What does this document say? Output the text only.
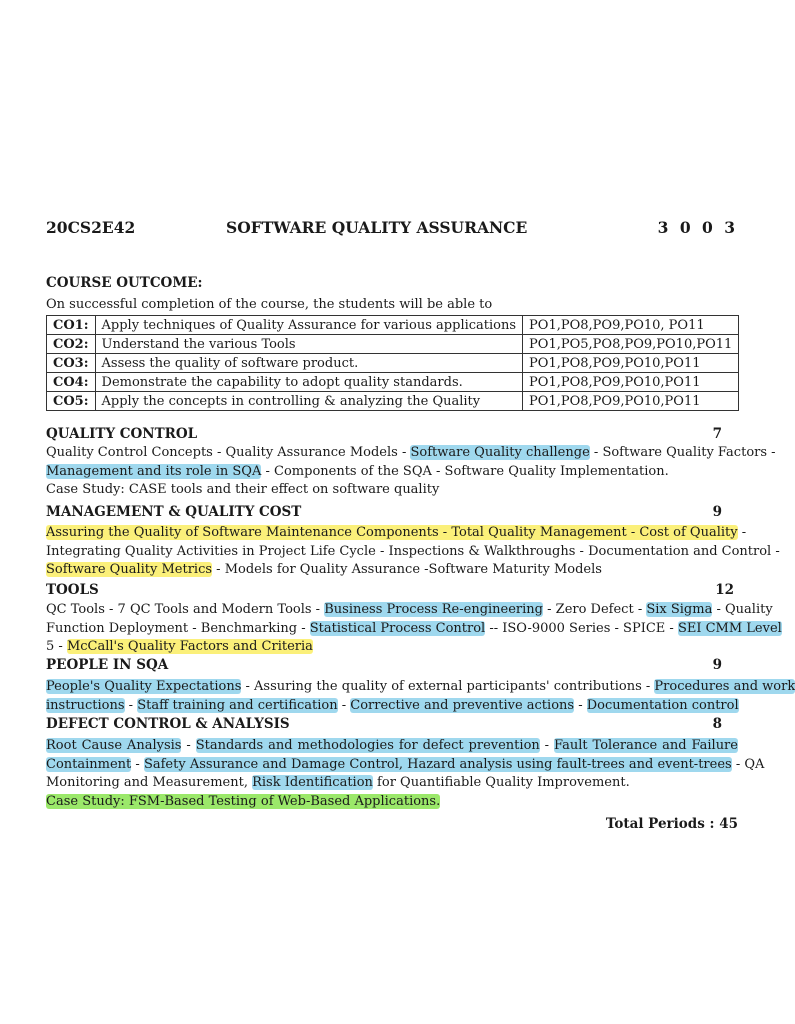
20CS2E42	SOFTWARE QUALITY ASSURANCE	3 0 0 3
COURSE OUTCOME:
On successful completion of the course, the students will be able to
CO1:	Apply techniques of Quality Assurance for various applications	PO1,PO8,PO9,PO10, PO11
CO2:	Understand the various Tools	PO1,PO5,PO8,PO9,PO10,PO11
CO3:	Assess the quality of software product.	PO1,PO8,PO9,PO10,PO11
CO4:	Demonstrate the capability to adopt quality standards.	PO1,PO8,PO9,PO10,PO11
CO5:	Apply the concepts in controlling & analyzing the Quality	PO1,PO8,PO9,PO10,PO11
QUALITY CONTROL	7
Quality Control Concepts - Quality Assurance Models - Software Quality challenge - Software Quality Factors -
Management and its role in SQA - Components of the SQA - Software Quality Implementation.
Case Study: CASE tools and their effect on software quality
MANAGEMENT & QUALITY COST	9
Assuring the Quality of Software Maintenance Components - Total Quality Management - Cost of Quality -
Integrating Quality Activities in Project Life Cycle - Inspections & Walkthroughs - Documentation and Control -
Software Quality Metrics - Models for Quality Assurance -Software Maturity Models
TOOLS	12
QC Tools - 7 QC Tools and Modern Tools - Business Process Re-engineering - Zero Defect - Six Sigma - Quality
Function Deployment - Benchmarking - Statistical Process Control -- ISO-9000 Series - SPICE - SEI CMM Level
5 - McCall's Quality Factors and Criteria
PEOPLE IN SQA	9
People's Quality Expectations - Assuring the quality of external participants' contributions - Procedures and work
instructions - Staff training and certification - Corrective and preventive actions - Documentation control
DEFECT CONTROL & ANALYSIS	8
Root Cause Analysis - Standards and methodologies for defect prevention - Fault Tolerance and Failure
Containment - Safety Assurance and Damage Control, Hazard analysis using fault-trees and event-trees - QA
Monitoring and Measurement, Risk Identification for Quantifiable Quality Improvement.
Case Study: FSM-Based Testing of Web-Based Applications.
Total Periods : 45
